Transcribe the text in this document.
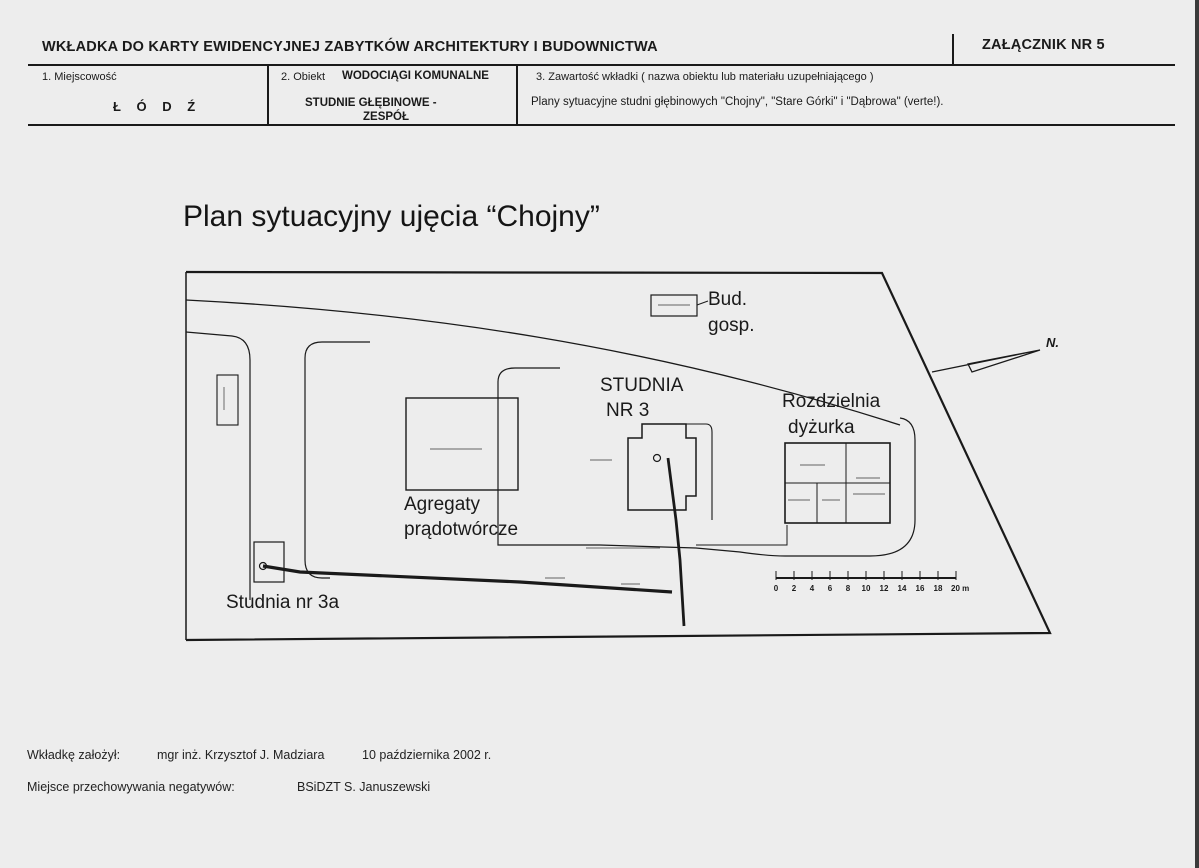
WKŁADKA DO KARTY EWIDENCYJNEJ ZABYTKÓW ARCHITEKTURY I BUDOWNICTWA	ZAŁĄCZNIK NR 5
1. Miejscowość
Ł Ó D Ź
2. Obiekt WODOCIĄGI KOMUNALNE
STUDNIE GŁĘBINOWE -
ZESPÓŁ
3. Zawartość wkładki ( nazwa obiektu lub materiału uzupełniającego )
Plany sytuacyjne studni głębinowych "Chojny", "Stare Górki" i "Dąbrowa" (verte!).
Plan sytuacyjny ujęcia “Chojny”
0 2 4 6 8 10 12 14 16 18 20 m
Bud.
gosp.
N.
STUDNIA
NR 3	Rozdzielnia
dyżurka
Agregaty
prądotwórcze
Studnia nr 3a
Wkładkę założył:	mgr inż. Krzysztof J. Madziara	10 października 2002 r.
Miejsce przechowywania negatywów:	BSiDZT S. Januszewski
